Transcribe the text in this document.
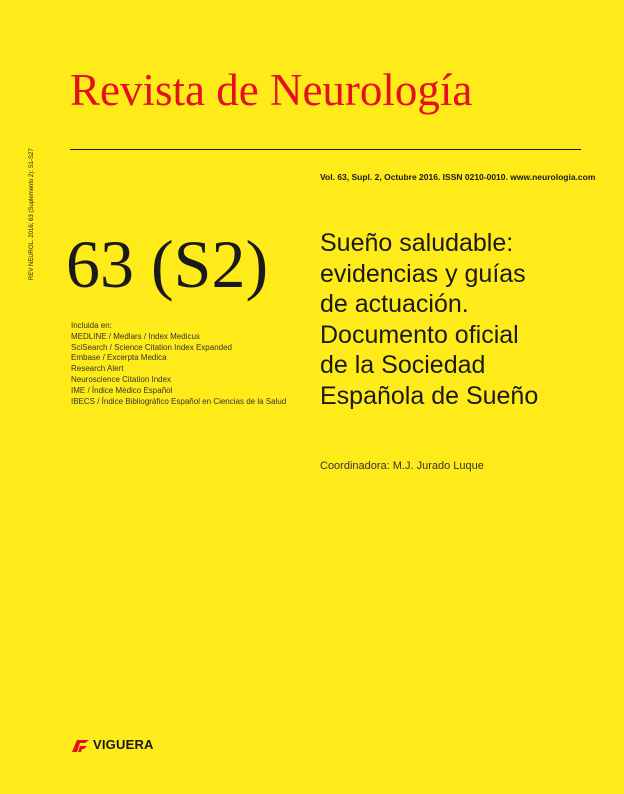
Revista de Neurología
REV NEUROL. 2016; 63 (Suplemento 2): S1-S27	Vol. 63, Supl. 2, Octubre 2016. ISSN 0210-0010. www.neurologia.com
63 (S2)
Incluida en:
MEDLINE / Medlars / Index Medicus
SciSearch / Science Citation Index Expanded
Embase / Excerpta Medica
Research Alert
Neuroscience Citation Index
IME / Índice Médico Español
IBECS / Índice Bibliográfico Español en Ciencias de la Salud
Sueño saludable:
evidencias y guías
de actuación.
Documento oficial
de la Sociedad
Española de Sueño
Coordinadora: M.J. Jurado Luque
VIGUERA
